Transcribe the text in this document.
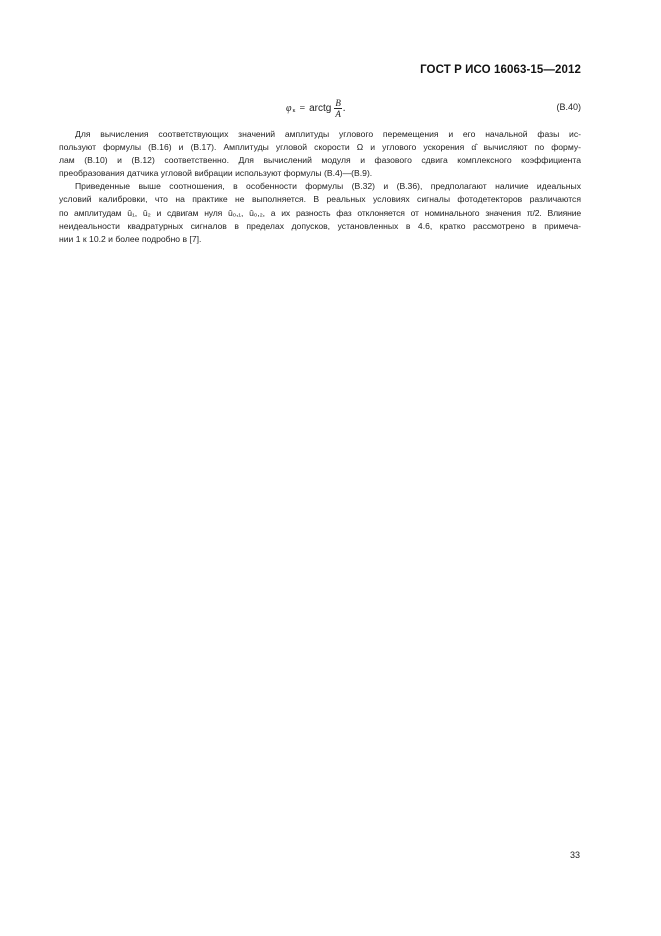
ГОСТ Р ИСО 16063-15—2012
φ к = arctg $\frac{B}{A}$ .	(B.40)

Для вычисления соответствующих значений амплитуды углового перемещения и его начальной фазы ис-
пользуют формулы (B.16) и (B.17). Амплитуды угловой скорости Ω и углового ускорения α̂ вычисляют по форму-
лам (B.10) и (B.12) соответственно. Для вычислений модуля и фазового сдвига комплексного коэффициента
преобразования датчика угловой вибрации используют формулы (B.4)—(B.9).

Приведенные выше соотношения, в особенности формулы (B.32) и (B.36), предполагают наличие идеальных
условий калибровки, что на практике не выполняется. В реальных условиях сигналы фотодетекторов различаются
по амплитудам û₁, û₂ и сдвигам нуля û₀,₁, û₀,₂, а их разность фаз отклоняется от номинального значения π/2. Влияние
неидеальности квадратурных сигналов в пределах допусков, установленных в 4.6, кратко рассмотрено в примеча-
нии 1 к 10.2 и более подробно в [7].

33
